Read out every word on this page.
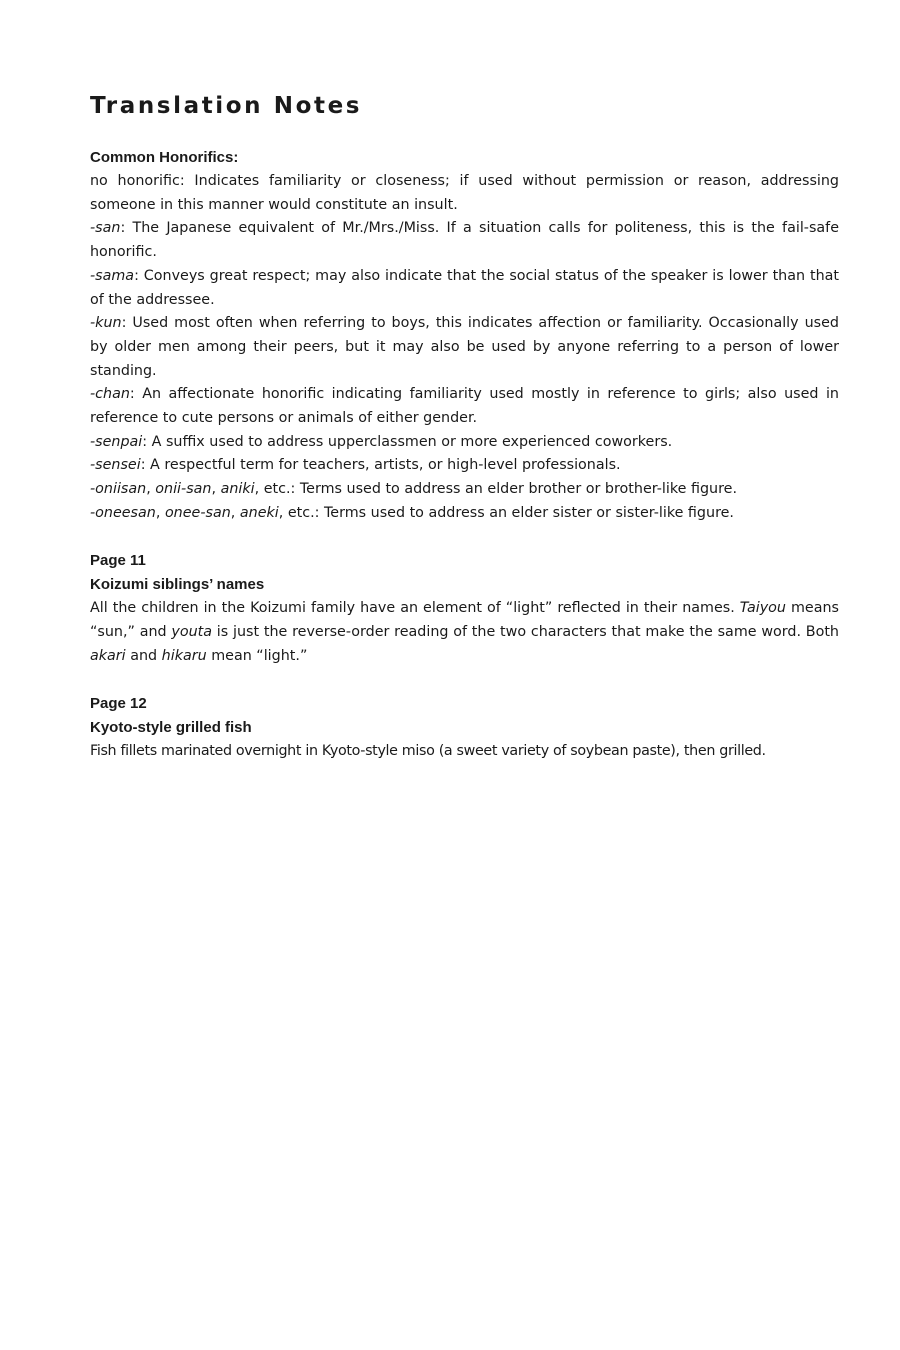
Translation Notes

Common Honorifics:

no honorific: Indicates familiarity or closeness; if used without permission or reason, addressing someone in this manner would constitute an insult.

-san: The Japanese equivalent of Mr./Mrs./Miss. If a situation calls for politeness, this is the fail-safe honorific.

-sama: Conveys great respect; may also indicate that the social status of the speaker is lower than that of the addressee.

-kun: Used most often when referring to boys, this indicates affection or familiarity. Occasionally used by older men among their peers, but it may also be used by anyone referring to a person of lower standing.

-chan: An affectionate honorific indicating familiarity used mostly in reference to girls; also used in reference to cute persons or animals of either gender.

-senpai: A suffix used to address upperclassmen or more experienced coworkers.

-sensei: A respectful term for teachers, artists, or high-level professionals.

-oniisan, onii-san, aniki, etc.: Terms used to address an elder brother or brother-like figure.

-oneesan, onee-san, aneki, etc.: Terms used to address an elder sister or sister-like figure.

Page 11

Koizumi siblings’ names

All the children in the Koizumi family have an element of “light” reflected in their names. Taiyou means “sun,” and youta is just the reverse-order reading of the two characters that make the same word. Both akari and hikaru mean “light.”

Page 12

Kyoto-style grilled fish

Fish fillets marinated overnight in Kyoto-style miso (a sweet variety of soybean paste), then grilled.
